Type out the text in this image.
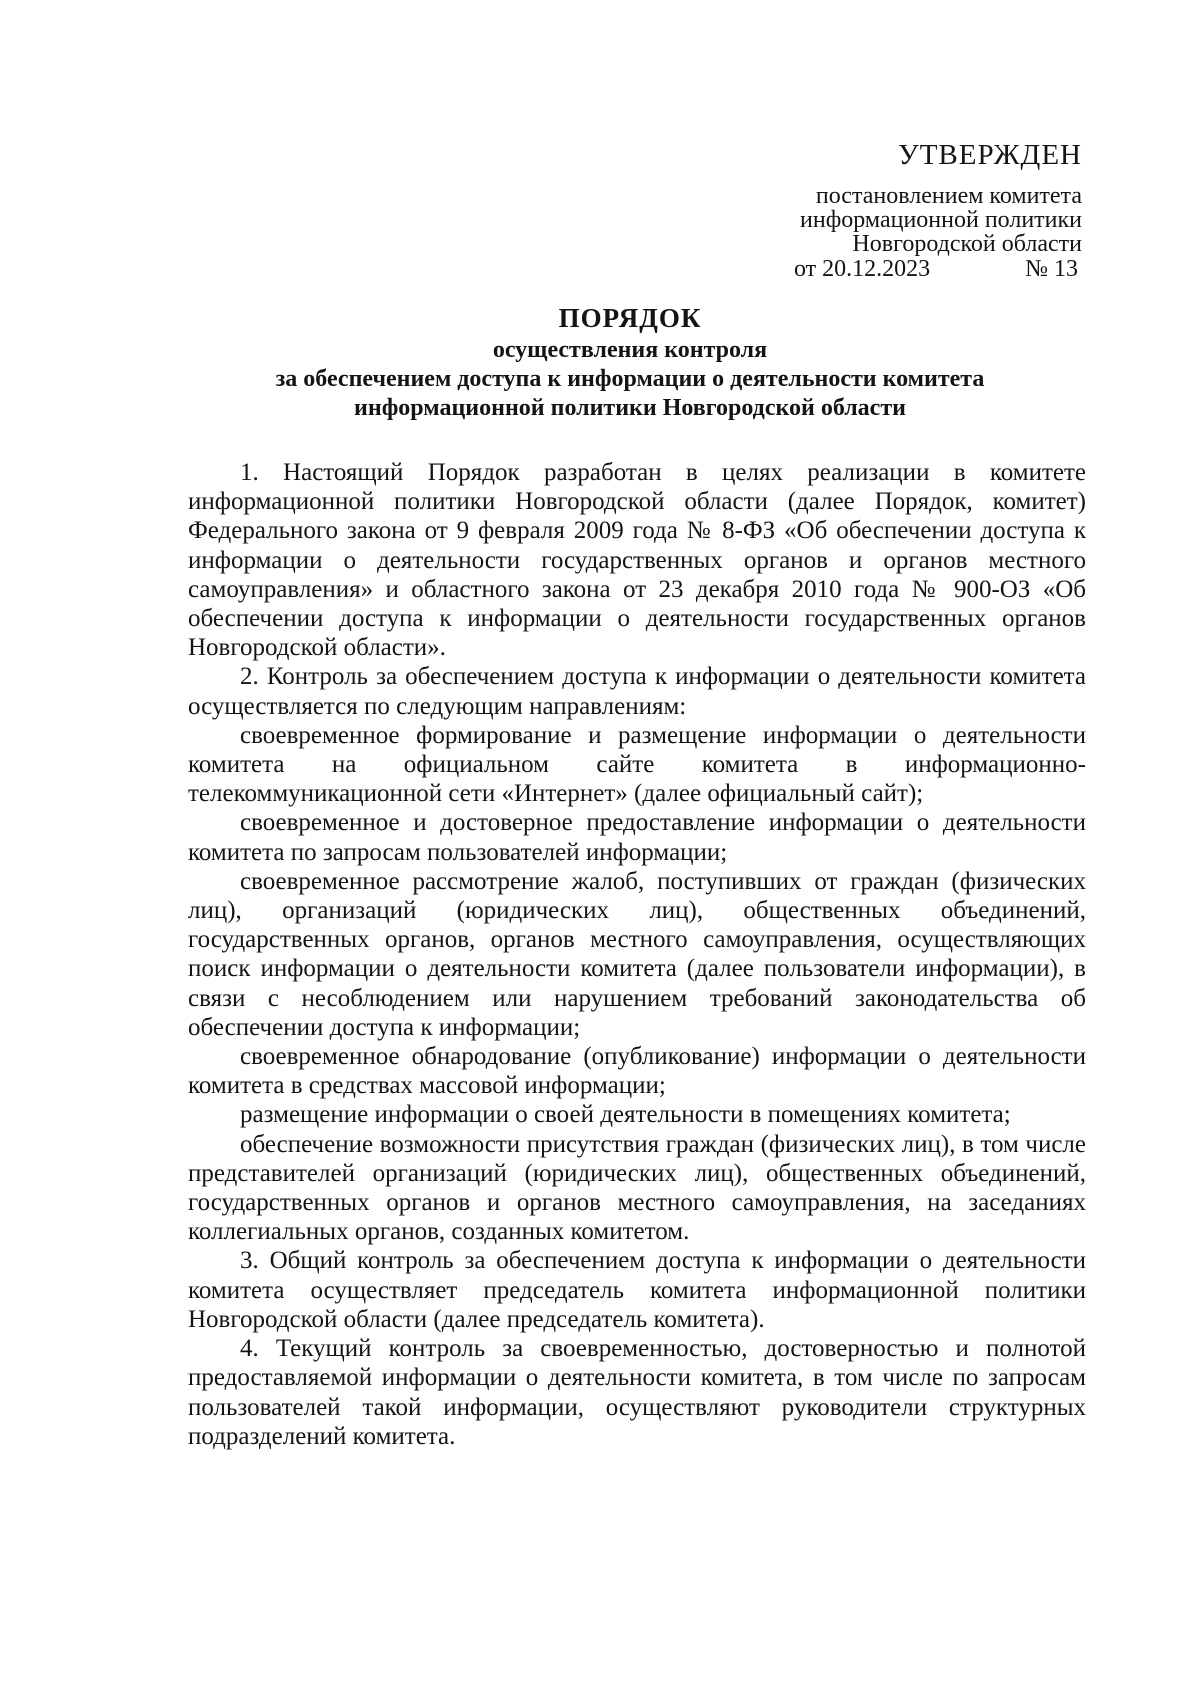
УТВЕРЖДЕН
постановлением комитета
информационной политики
Новгородской области
от 20.12.2023	№ 13
ПОРЯДОК
осуществления контроля
за обеспечением доступа к информации о деятельности комитета
информационной политики Новгородской области

1. Настоящий Порядок разработан в целях реализации в комитете информационной политики Новгородской области (далее Порядок, комитет) Федерального закона от 9 февраля 2009 года № 8-ФЗ «Об обеспечении доступа к информации о деятельности государственных органов и органов местного самоуправления» и областного закона от 23 декабря 2010 года № 900-ОЗ «Об обеспечении доступа к информации о деятельности государственных органов Новгородской области».

2. Контроль за обеспечением доступа к информации о деятельности комитета осуществляется по следующим направлениям:

своевременное формирование и размещение информации о деятельности комитета на официальном сайте комитета в информационно-телекоммуникационной сети «Интернет» (далее официальный сайт);

своевременное и достоверное предоставление информации о деятельности комитета по запросам пользователей информации;

своевременное рассмотрение жалоб, поступивших от граждан (физических лиц), организаций (юридических лиц), общественных объединений, государственных органов, органов местного самоуправления, осуществляющих поиск информации о деятельности комитета (далее пользователи информации), в связи с несоблюдением или нарушением требований законодательства об обеспечении доступа к информации;

своевременное обнародование (опубликование) информации о деятельности комитета в средствах массовой информации;

размещение информации о своей деятельности в помещениях комитета;

обеспечение возможности присутствия граждан (физических лиц), в том числе представителей организаций (юридических лиц), общественных объединений, государственных органов и органов местного самоуправления, на заседаниях коллегиальных органов, созданных комитетом.

3. Общий контроль за обеспечением доступа к информации о деятельности комитета осуществляет председатель комитета информационной политики Новгородской области (далее председатель комитета).

4. Текущий контроль за своевременностью, достоверностью и полнотой предоставляемой информации о деятельности комитета, в том числе по запросам пользователей такой информации, осуществляют руководители структурных подразделений комитета.
